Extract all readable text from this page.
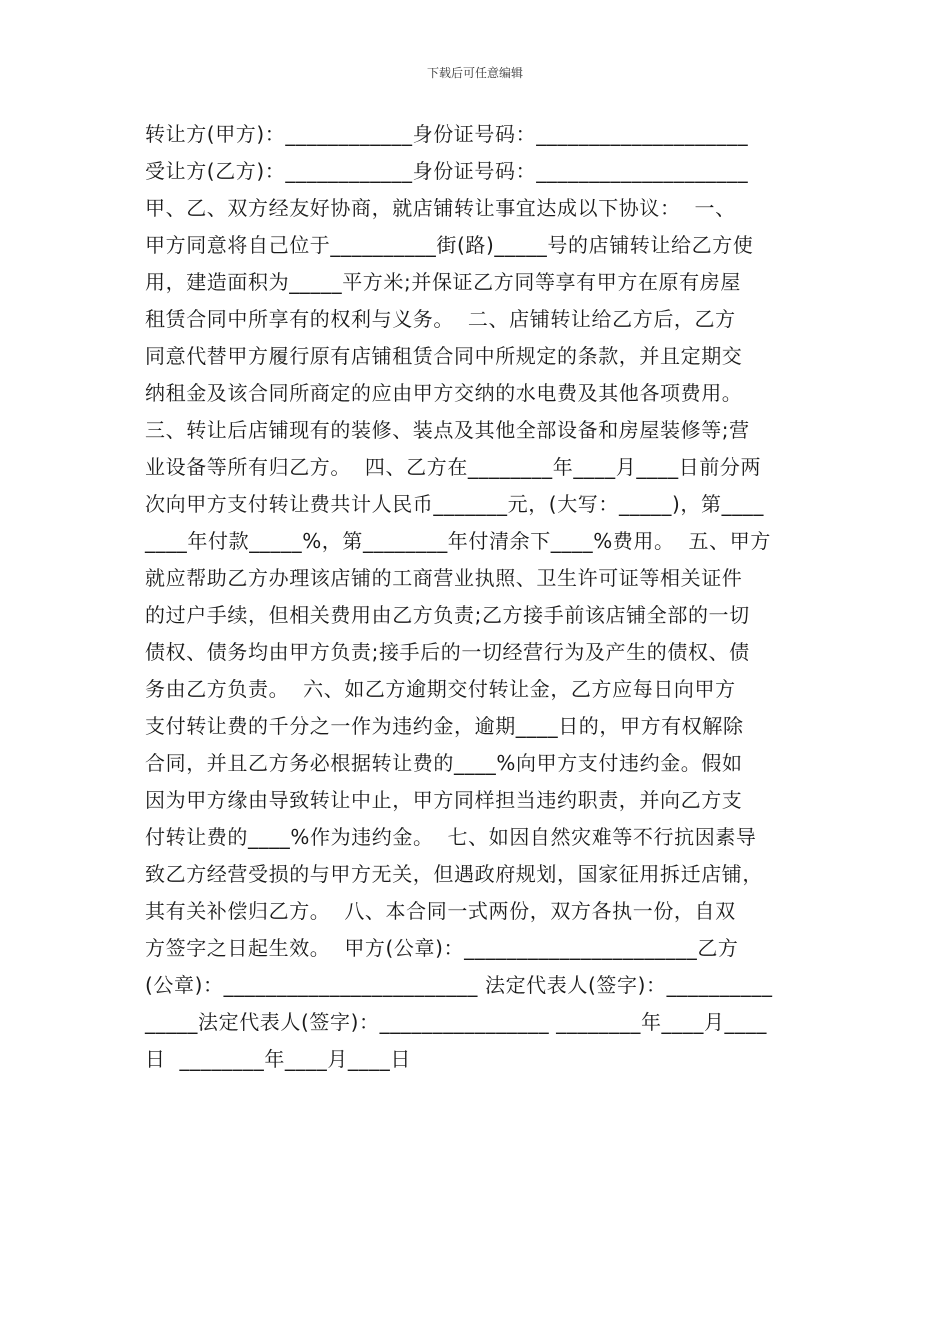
下载后可任意编辑
转让方(甲方)：____________身份证号码：____________________
受让方(乙方)：____________身份证号码：____________________
甲、乙、双方经友好协商，就店铺转让事宜达成以下协议：  一、
甲方同意将自己位于__________街(路)_____号的店铺转让给乙方使
用，建造面积为_____平方米;并保证乙方同等享有甲方在原有房屋
租赁合同中所享有的权利与义务。  二、店铺转让给乙方后，乙方
同意代替甲方履行原有店铺租赁合同中所规定的条款，并且定期交
纳租金及该合同所商定的应由甲方交纳的水电费及其他各项费用。
三、转让后店铺现有的装修、装点及其他全部设备和房屋装修等;营
业设备等所有归乙方。  四、乙方在________年____月____日前分两
次向甲方支付转让费共计人民币_______元，(大写：_____)，第____
____年付款_____%，第________年付清余下____%费用。  五、甲方
就应帮助乙方办理该店铺的工商营业执照、卫生许可证等相关证件
的过户手续，但相关费用由乙方负责;乙方接手前该店铺全部的一切
债权、债务均由甲方负责;接手后的一切经营行为及产生的债权、债
务由乙方负责。  六、如乙方逾期交付转让金，乙方应每日向甲方
支付转让费的千分之一作为违约金，逾期____日的，甲方有权解除
合同，并且乙方务必根据转让费的____%向甲方支付违约金。假如
因为甲方缘由导致转让中止，甲方同样担当违约职责，并向乙方支
付转让费的____%作为违约金。  七、如因自然灾难等不行抗因素导
致乙方经营受损的与甲方无关，但遇政府规划，国家征用拆迁店铺，
其有关补偿归乙方。  八、本合同一式两份，双方各执一份，自双
方签字之日起生效。  甲方(公章)：______________________乙方
(公章)：________________________ 法定代表人(签字)：__________
_____法定代表人(签字)：________________ ________年____月____
日  ________年____月____日
